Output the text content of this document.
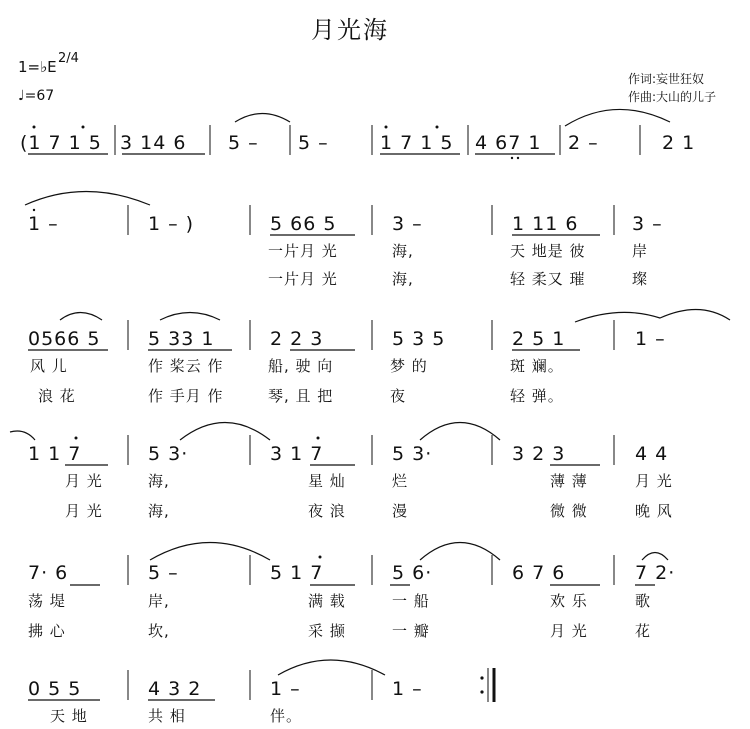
月光海
1=♭E 2/4
♩=67
作词:妄世狂奴
作曲:大山的儿子
(1 7 1 5 3 14 6 5 – 5 –	1 7 1 5 4 67 1 2 –	2 1
1 –	1 – )	5 66 5	3 –	1 11 6	3 –
一片月 光	海,	天 地是 彼	岸
一片月 光	海,	轻 柔又 璀	璨
0566 5	5 33 1	2 2 3	5 3 5	2 5 1	1 –
风 儿	作 桨云 作	船, 驶 向	梦 的	斑 斓。
浪 花	作 手月 作	琴, 且 把	夜	轻 弹。
1 1 7	5 3·	3 1 7	5 3·	3 2 3	4 4
月 光	海,	星 灿	烂	薄 薄	月 光
月 光	海,	夜 浪	漫	微 微	晚 风
7· 6	5 –	5 1 7	5 6·	6 7 6	7 2·
荡 堤	岸,	满 载	一 船	欢 乐	歌
拂 心	坎,	采 撷	一 瓣	月 光	花
0 5 5	4 3 2	1 –	1 –
天 地	共 相	伴。
